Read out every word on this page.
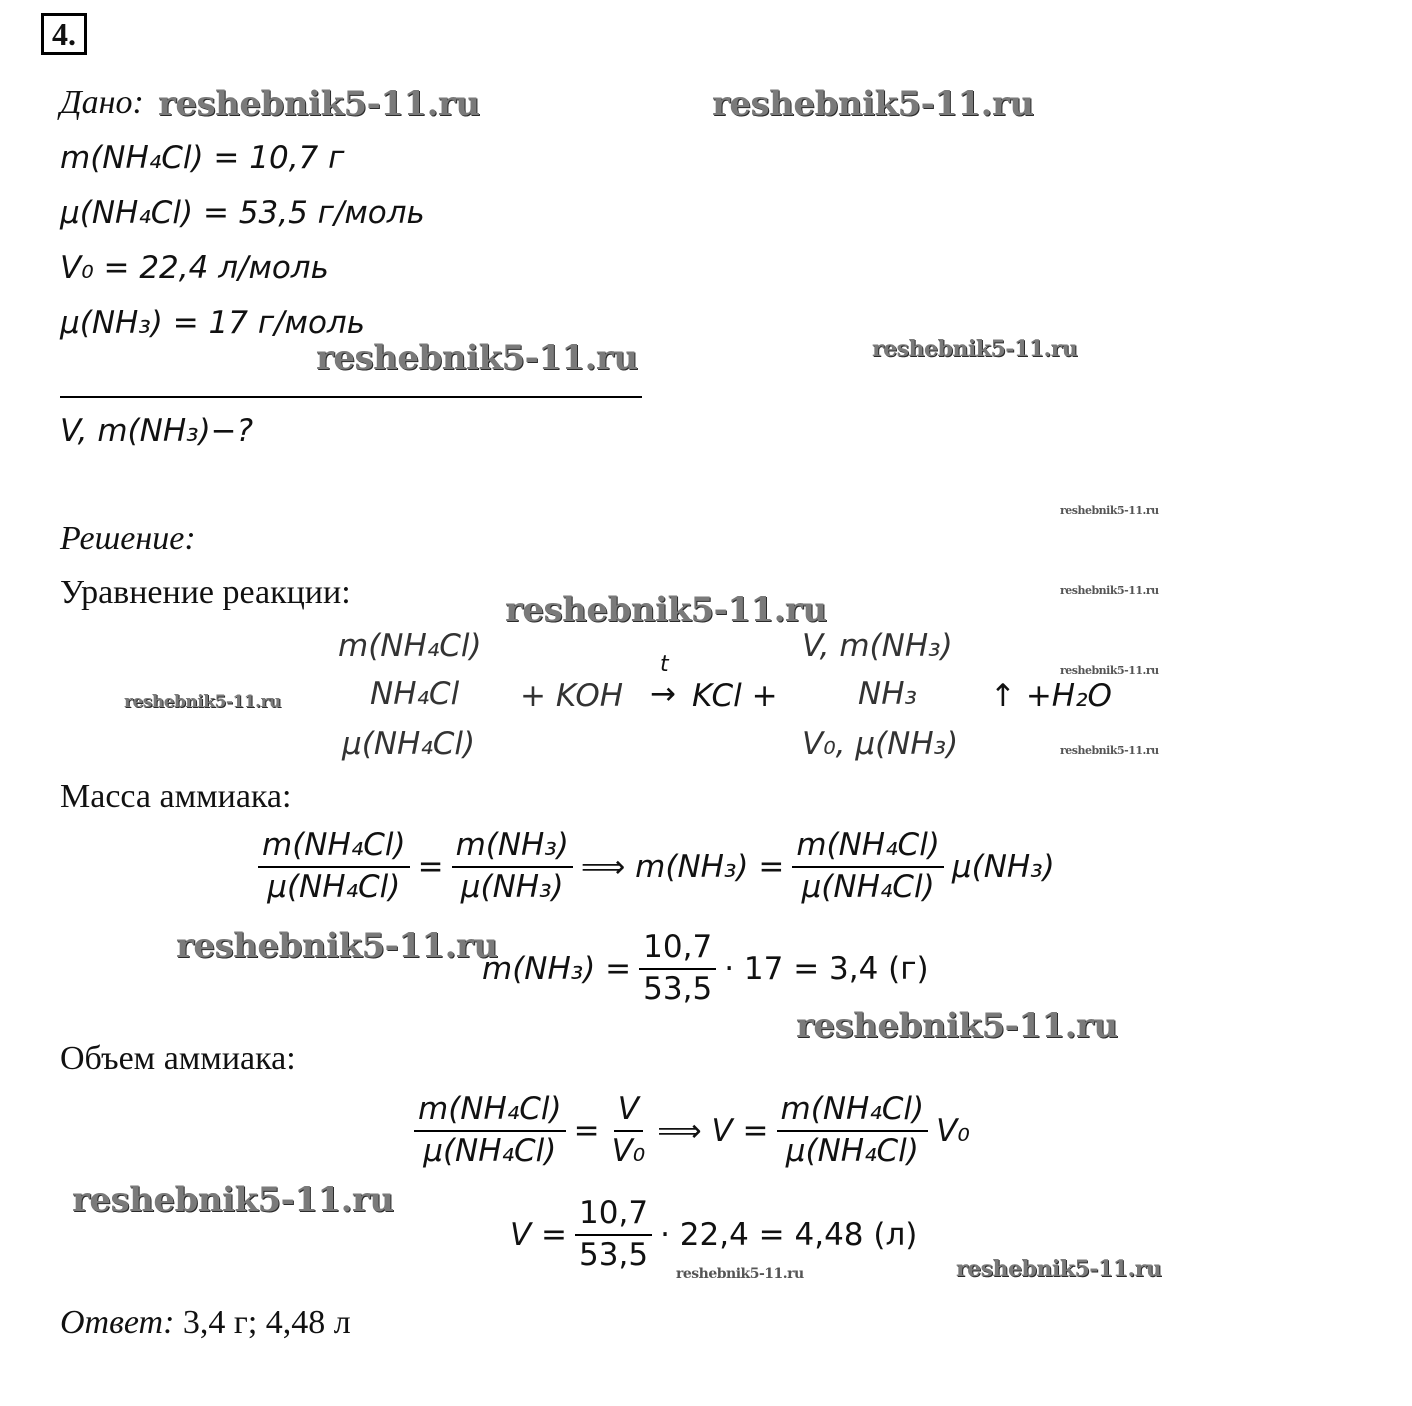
4.
Дано:
m(NH₄Cl) = 10,7 г
μ(NH₄Cl) = 53,5 г/моль
V₀ = 22,4 л/моль
μ(NH₃) = 17 г/моль
V, m(NH₃)−?
Решение:
Уравнение реакции:
m(NH₄Cl)
NH₄Cl
μ(NH₄Cl)
+ KOH
t
→ KCl +
V, m(NH₃)
NH₃
V₀, μ(NH₃)
↑ +H₂O
Масса аммиака:
$\frac{\text{m(NH₄Cl)}}{\text{μ(NH₄Cl)}} = \frac{\text{m(NH₃)}}{\text{μ(NH₃)}}$ ⟹ $m(NH_3) = \frac{\text{m(NH₄Cl)}}{\text{μ(NH₄Cl)}} \mu(NH_3)$
$m(NH_3) = \frac{10,7}{53,5} \cdot 17 = 3,4$ (г)
Объем аммиака:
$\frac{\text{m(NH₄Cl)}}{\text{μ(NH₄Cl)}} = \frac{V}{\text{V₀}}$ ⟹ $V = \frac{\text{m(NH₄Cl)}}{\text{μ(NH₄Cl)}} V_0$
$V = \frac{10,7}{53,5} \cdot 22,4 = 4,48$ (л)
Ответ: 3,4 г; 4,48 л
reshebnik5-11.ru	reshebnik5-11.ru
reshebnik5-11.ru	reshebnik5-11.ru
reshebnik5-11.ru
reshebnik5-11.ru
reshebnik5-11.ru
reshebnik5-11.ru
reshebnik5-11.ru
reshebnik5-11.ru
reshebnik5-11.ru
reshebnik5-11.ru
reshebnik5-11.ru
reshebnik5-11.ru	reshebnik5-11.ru
